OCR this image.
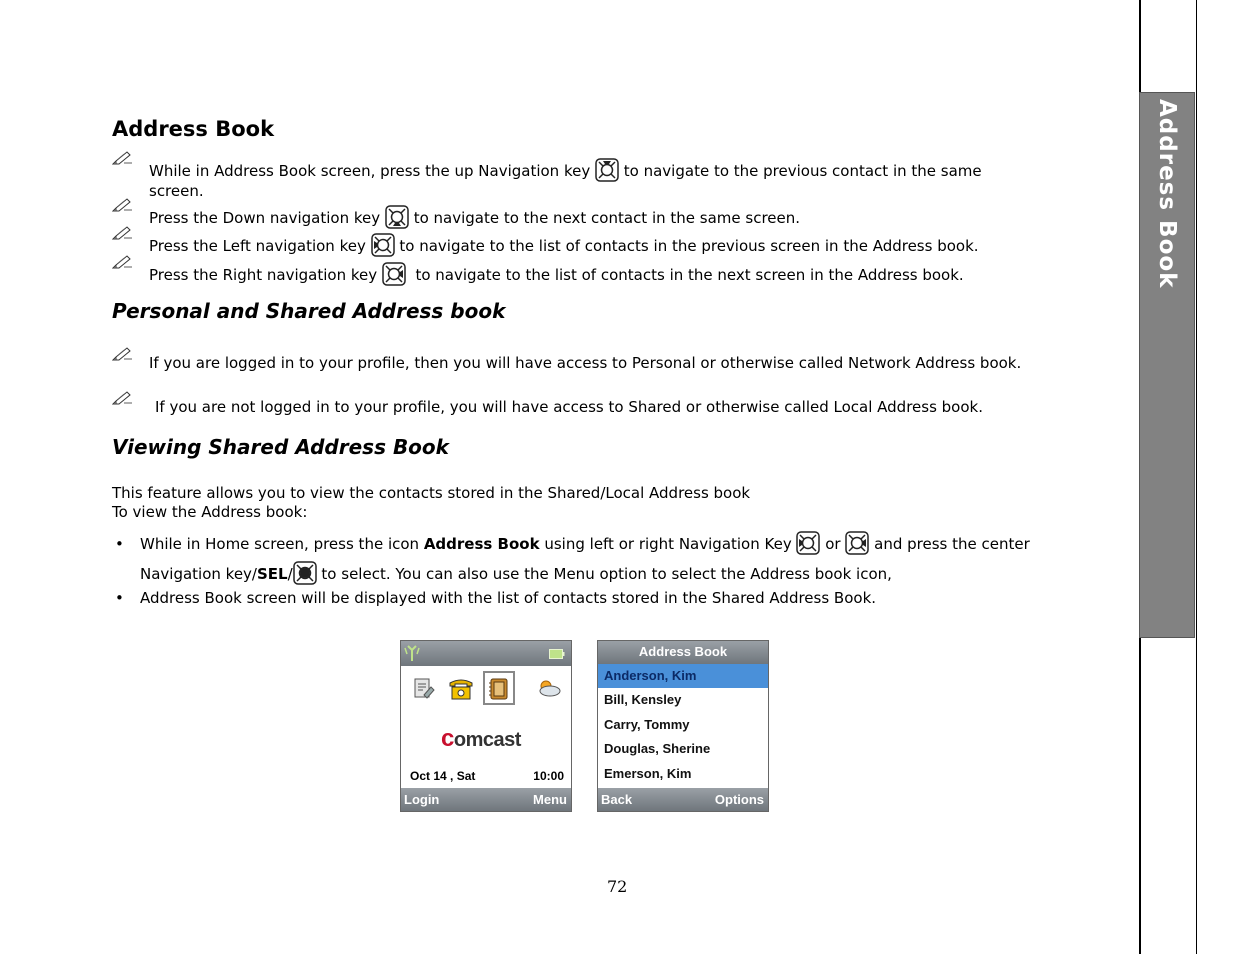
Address Book
Address Book
While in Address Book screen, press the up Navigation key to navigate to the previous contact in the same screen.
Press the Down navigation key to navigate to the next contact in the same screen.
Press the Left navigation key to navigate to the list of contacts in the previous screen in the Address book.
Press the Right navigation key	to navigate to the list of contacts in the next screen in the Address book.
Personal and Shared Address book
If you are logged in to your profile, then you will have access to Personal or otherwise called Network Address book.
If you are not logged in to your profile, you will have access to Shared or otherwise called Local Address book.
Viewing Shared Address Book
This feature allows you to view the contacts stored in the Shared/Local Address book
To view the Address book:
• While in Home screen, press the icon Address Book using left or right Navigation Key  or  and press the center Navigation key/SEL/ to select. You can also use the Menu option to select the Address book icon,
• Address Book screen will be displayed with the list of contacts stored in the Shared Address Book.
comcast
Oct 14 , Sat	10:00
Login	Menu
Address Book
Anderson, Kim
Bill, Kensley
Carry, Tommy
Douglas, Sherine
Emerson, Kim
Back	Options
72
